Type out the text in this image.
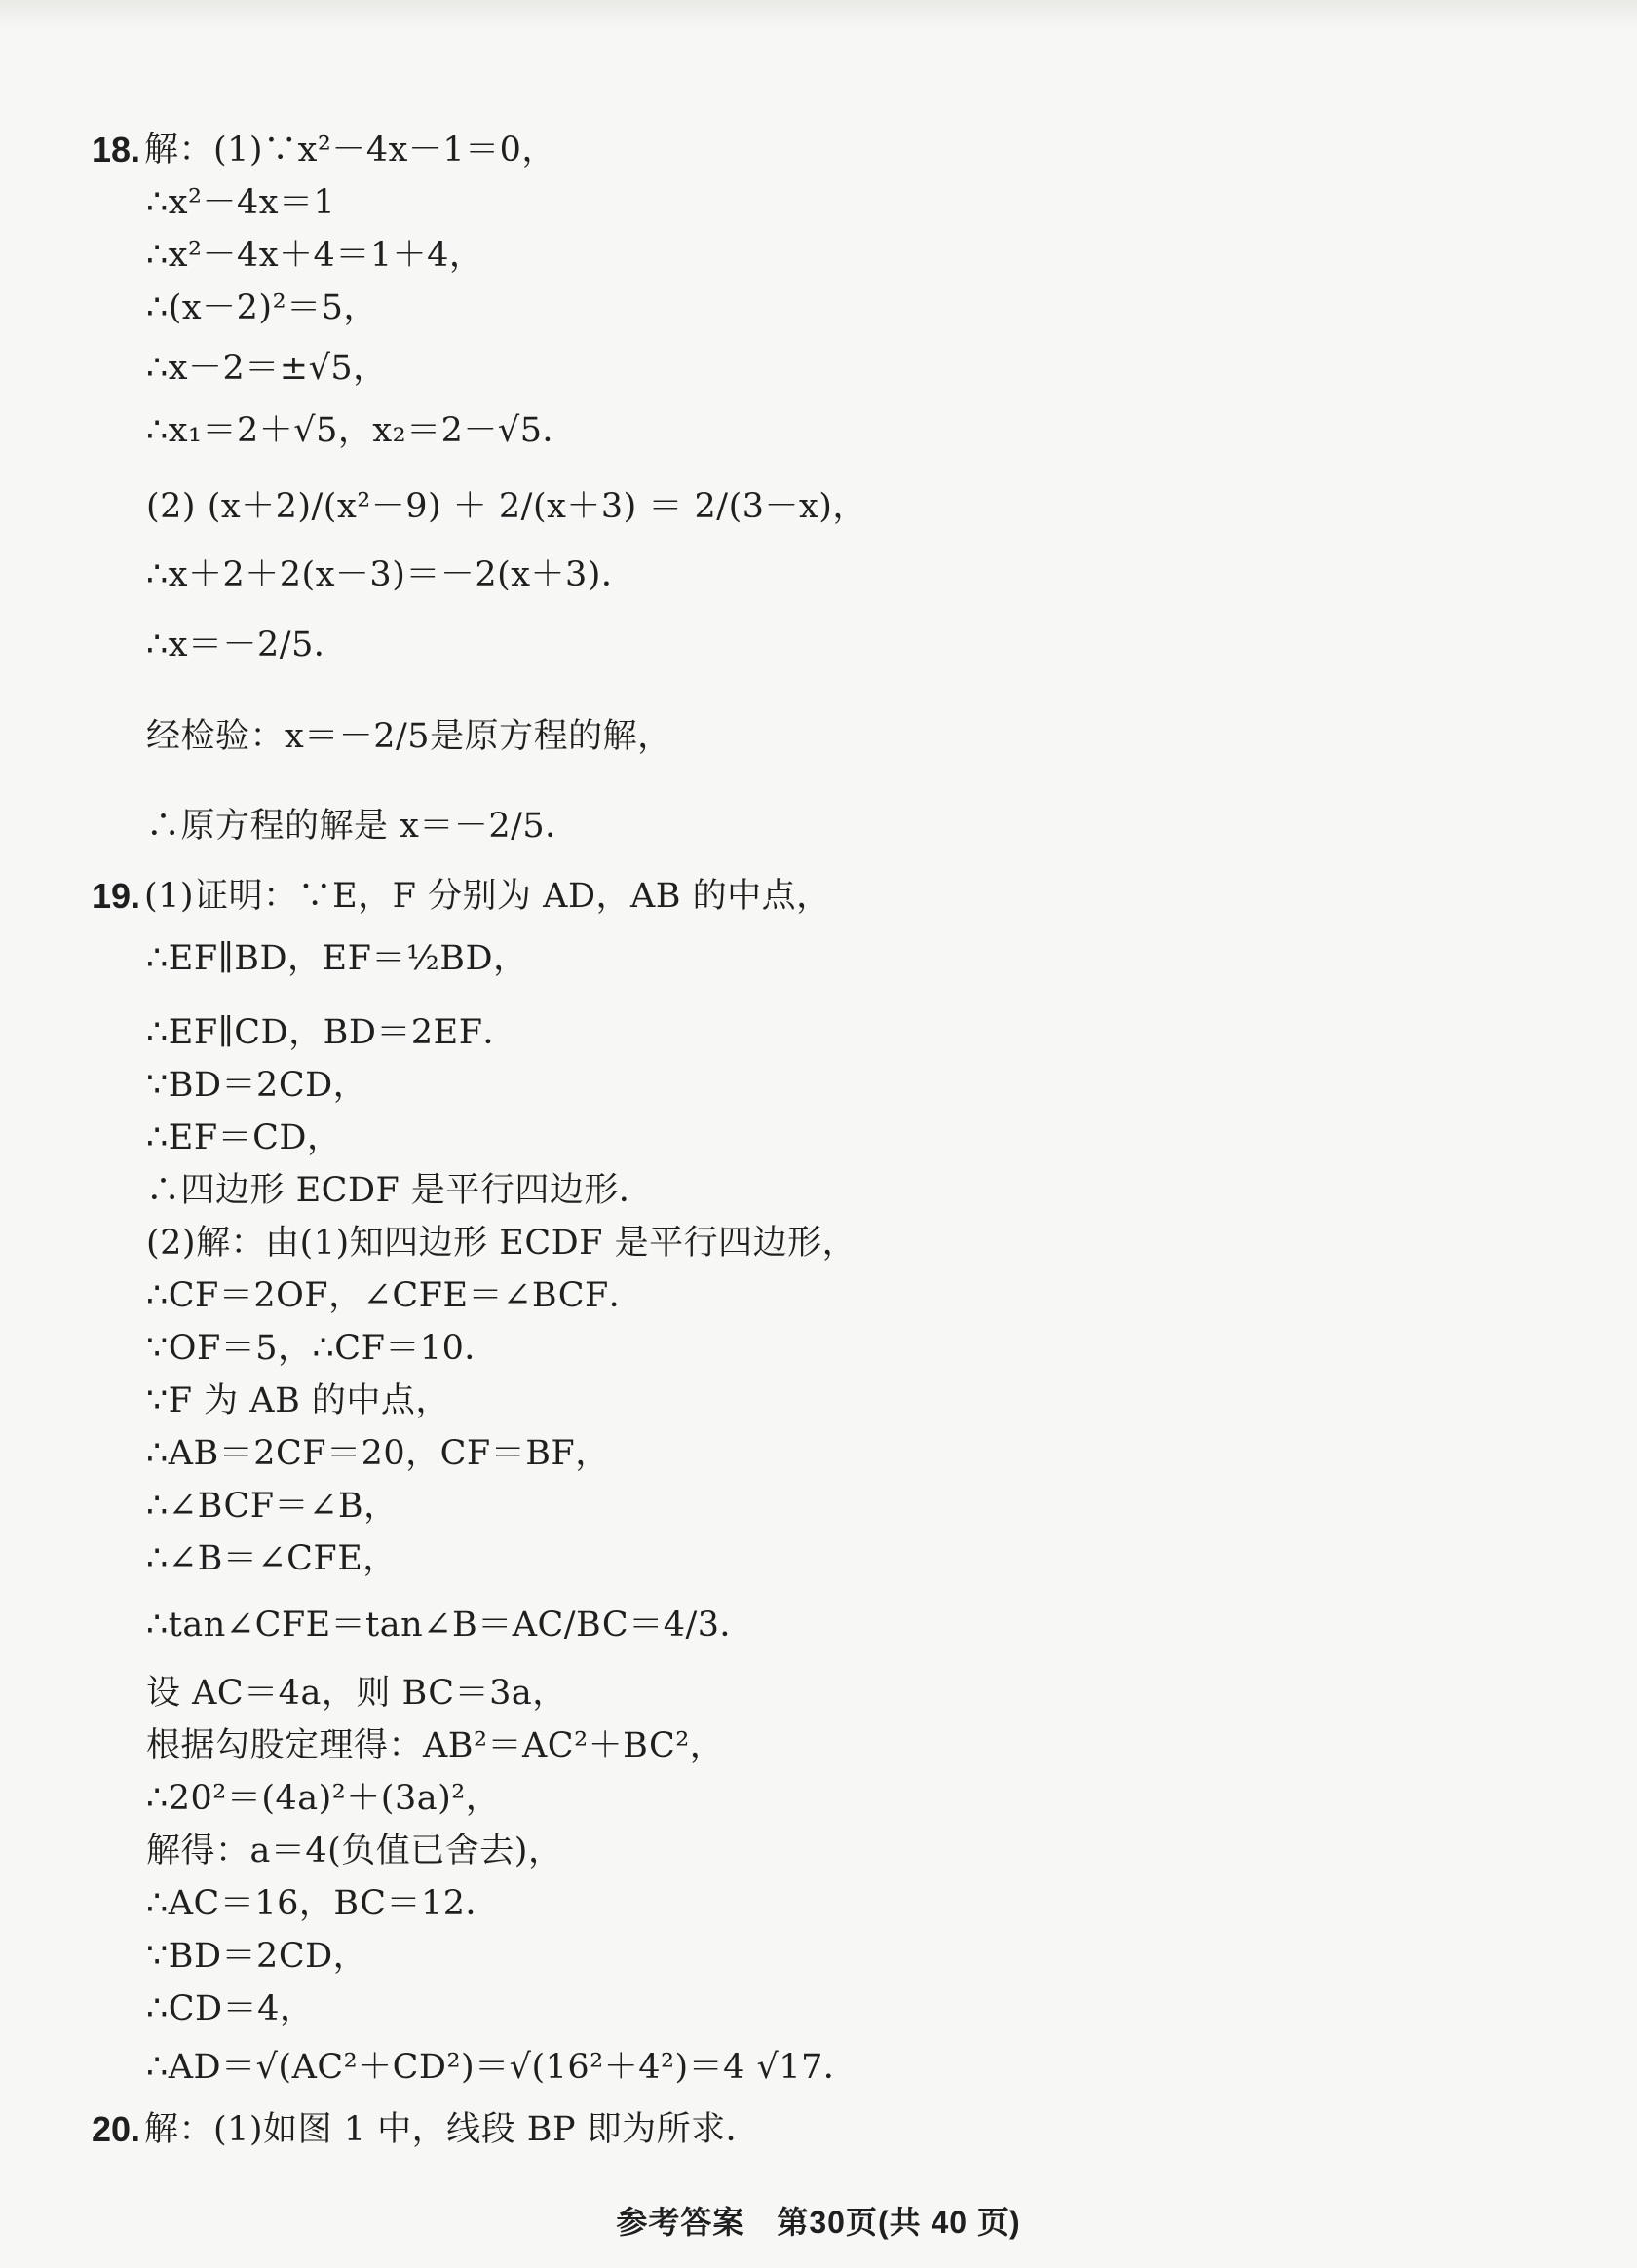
18. 解：(1)∵x²－4x－1＝0，
∴x²－4x＝1
∴x²－4x＋4＝1＋4，
∴(x－2)²＝5，
∴x－2＝±√5，
∴x₁＝2＋√5，x₂＝2－√5．
(2) (x＋2)/(x²－9) ＋ 2/(x＋3) ＝ 2/(3－x)，
∴x＋2＋2(x－3)＝－2(x＋3)．
∴x＝－2/5．
经检验：x＝－2/5是原方程的解，
∴原方程的解是 x＝－2/5．
19. (1)证明：∵E，F 分别为 AD，AB 的中点，
∴EF∥BD，EF＝½BD，
∴EF∥CD，BD＝2EF．
∵BD＝2CD，
∴EF＝CD，
∴四边形 ECDF 是平行四边形．
(2)解：由(1)知四边形 ECDF 是平行四边形，
∴CF＝2OF，∠CFE＝∠BCF．
∵OF＝5，∴CF＝10．
∵F 为 AB 的中点，
∴AB＝2CF＝20，CF＝BF，
∴∠BCF＝∠B，
∴∠B＝∠CFE，
∴tan∠CFE＝tan∠B＝AC/BC＝4/3．
设 AC＝4a，则 BC＝3a，
根据勾股定理得：AB²＝AC²＋BC²，
∴20²＝(4a)²＋(3a)²，
解得：a＝4(负值已舍去)，
∴AC＝16，BC＝12．
∵BD＝2CD，
∴CD＝4，
∴AD＝√(AC²＋CD²)＝√(16²＋4²)＝4 √17．
20. 解：(1)如图 1 中，线段 BP 即为所求．
参考答案　第30页(共 40 页)
